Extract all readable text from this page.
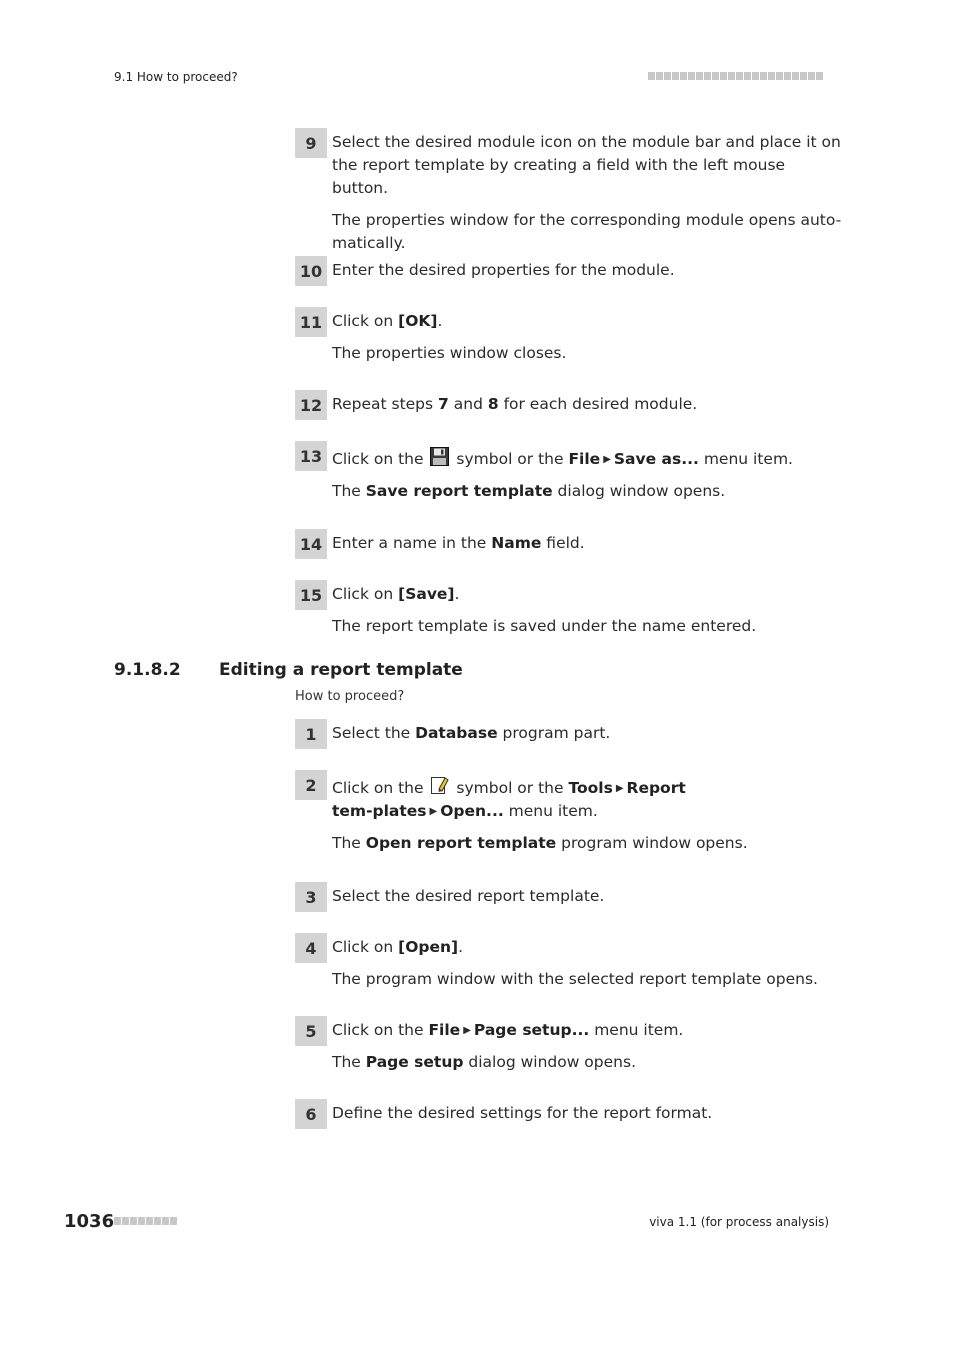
9.1 How to proceed?
9 Select the desired module icon on the module bar and place it on the report template by creating a field with the left mouse button.

The properties window for the corresponding module opens auto-matically.

10 Enter the desired properties for the module.

11 Click on [OK].

The properties window closes.

12 Repeat steps 7 and 8 for each desired module.

13 Click on the  symbol or the File ▶ Save as... menu item.

The Save report template dialog window opens.

14 Enter a name in the Name field.

15 Click on [Save].

The report template is saved under the name entered.

9.1.8.2 Editing a report template
How to proceed?
1 Select the Database program part.

2 Click on the  symbol or the Tools ▶ Report tem-plates ▶ Open... menu item.

The Open report template program window opens.

3 Select the desired report template.

4 Click on [Open].

The program window with the selected report template opens.

5 Click on the File ▶ Page setup... menu item.

The Page setup dialog window opens.

6 Define the desired settings for the report format.

1036	viva 1.1 (for process analysis)
